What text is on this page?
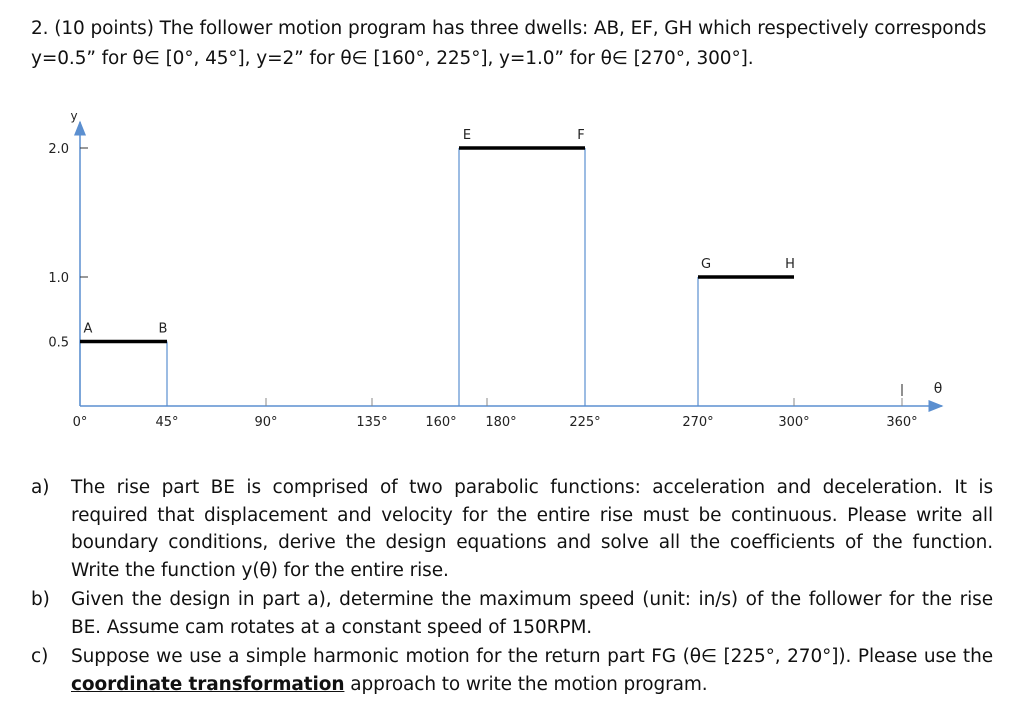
2. (10 points) The follower motion program has three dwells: AB, EF, GH which respectively corresponds

y=0.5” for θ∈ [0°, 45°], y=2” for θ∈ [160°, 225°], y=1.0” for θ∈ [270°, 300°].

y
θ
2.0
1.0
0.5
0°	45°	90°	135°	160° 180°	225°	270°	300°	360°
A	B
E	F
G	H
a)	The rise part BE is comprised of two parabolic functions: acceleration and deceleration. It is required that displacement and velocity for the entire rise must be continuous. Please write all boundary conditions, derive the design equations and solve all the coefficients of the function. Write the function y(θ) for the entire rise.
b)	Given the design in part a), determine the maximum speed (unit: in/s) of the follower for the rise BE. Assume cam rotates at a constant speed of 150RPM.
c)	Suppose we use a simple harmonic motion for the return part FG (θ∈ [225°, 270°]). Please use the coordinate transformation approach to write the motion program.
